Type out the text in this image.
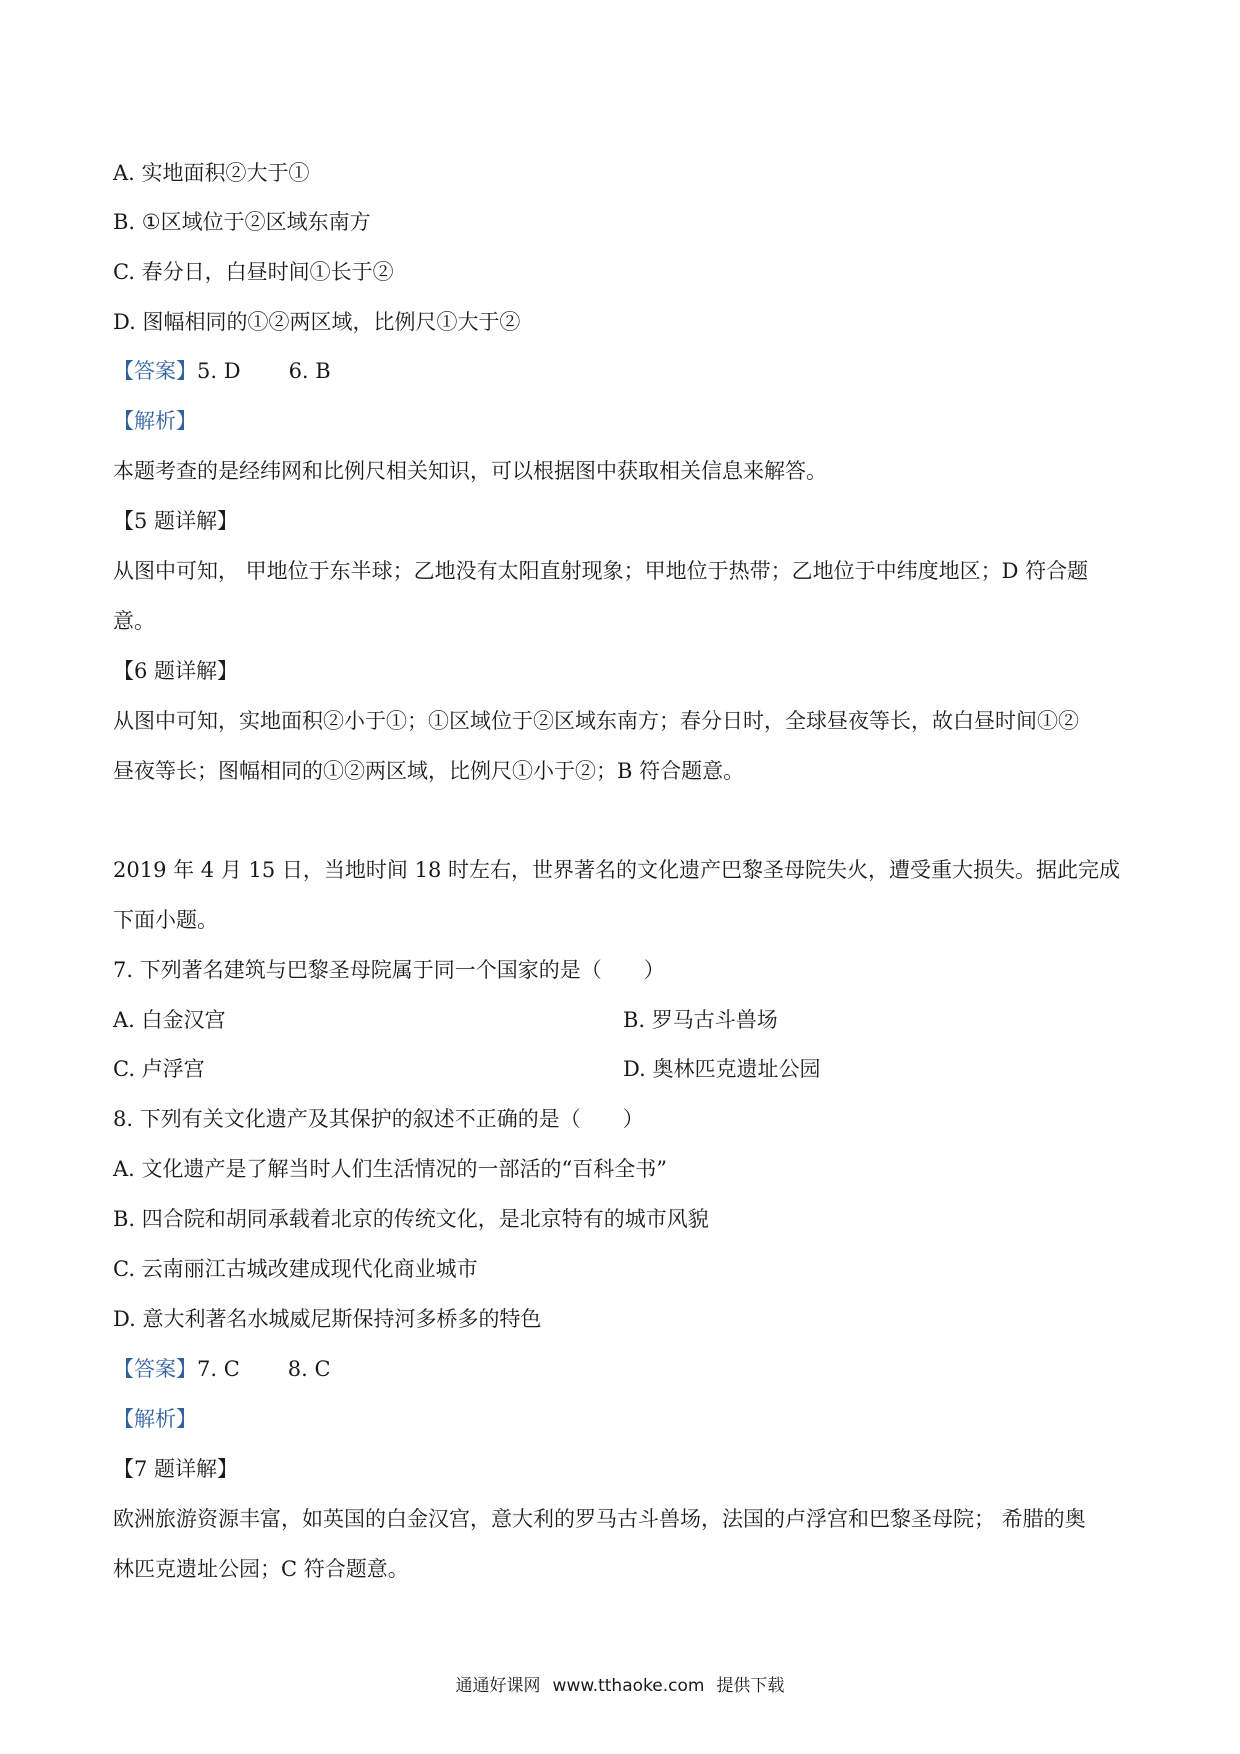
A. 实地面积②大于①
B. ①区域位于②区域东南方
C. 春分日，白昼时间①长于②
D. 图幅相同的①②两区域，比例尺①大于②
【答案】5. D 6. B
【解析】
本题考查的是经纬网和比例尺相关知识，可以根据图中获取相关信息来解答。
【5 题详解】
从图中可知， 甲地位于东半球；乙地没有太阳直射现象；甲地位于热带；乙地位于中纬度地区；D 符合题
意。
【6 题详解】
从图中可知，实地面积②小于①；①区域位于②区域东南方；春分日时，全球昼夜等长，故白昼时间①②
昼夜等长；图幅相同的①②两区域，比例尺①小于②；B 符合题意。
2019 年 4 月 15 日，当地时间 18 时左右，世界著名的文化遗产巴黎圣母院失火，遭受重大损失。据此完成
下面小题。
7. 下列著名建筑与巴黎圣母院属于同一个国家的是（　　）
A. 白金汉宫	B. 罗马古斗兽场
C. 卢浮宫	D. 奥林匹克遗址公园
8. 下列有关文化遗产及其保护的叙述不正确的是（　　）
A. 文化遗产是了解当时人们生活情况的一部活的“百科全书”
B. 四合院和胡同承载着北京的传统文化，是北京特有的城市风貌
C. 云南丽江古城改建成现代化商业城市
D. 意大利著名水城威尼斯保持河多桥多的特色
【答案】7. C 8. C
【解析】
【7 题详解】
欧洲旅游资源丰富，如英国的白金汉宫，意大利的罗马古斗兽场，法国的卢浮宫和巴黎圣母院； 希腊的奥
林匹克遗址公园；C 符合题意。
通通好课网 www.tthaoke.com 提供下载
